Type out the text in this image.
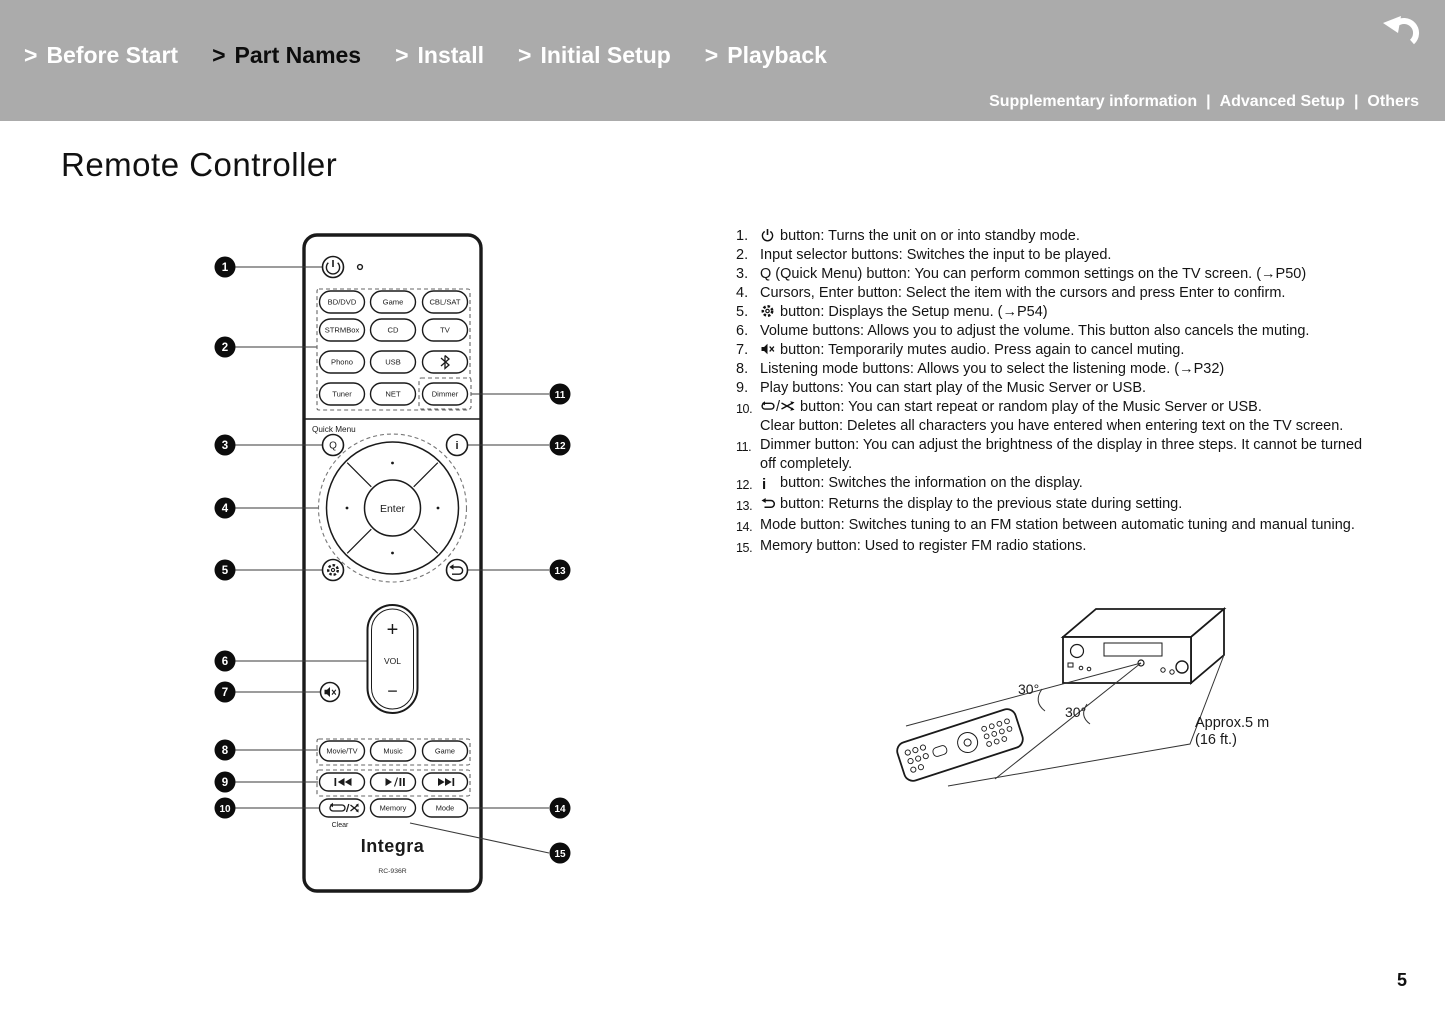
> Before Start > Part Names > Install > Initial Setup > Playback
Supplementary information | Advanced Setup | Others
Remote Controller
BD/DVD	Game	CBL/SAT
STRMBox	CD	TV
Phono	USB
Tuner	NET	Dimmer
Quick Menu
Q	i
Enter
+
VOL
−
Movie/TV	Music	Game
Memory	Mode
Clear
Integra
RC-936R
1
2
3
4
5
6
7
8
9
10
11
12
13
14
15
1.	button: Turns the unit on or into standby mode.
2. Input selector buttons: Switches the input to be played.
3. Q (Quick Menu) button: You can perform common settings on the TV screen. (→P50)
4. Cursors, Enter button: Select the item with the cursors and press Enter to confirm.
5.	button: Displays the Setup menu. (→P54)
6. Volume buttons: Allows you to adjust the volume. This button also cancels the muting.
7.	button: Temporarily mutes audio. Press again to cancel muting.
8. Listening mode buttons: Allows you to select the listening mode. (→P32)
9. Play buttons: You can start play of the Music Server or USB.
10.	/
button: You can start repeat or random play of the Music Server or USB.
Clear button: Deletes all characters you have entered when entering text on the TV screen.
11. Dimmer button: You can adjust the brightness of the display in three steps. It cannot be turned off completely.
12. i button: Switches the information on the display.
13.	button: Returns the display to the previous state during setting.
14. Mode button: Switches tuning to an FM station between automatic tuning and manual tuning.
15. Memory button: Used to register FM radio stations.
30°
30°
Approx.5 m
(16 ft.)
5
